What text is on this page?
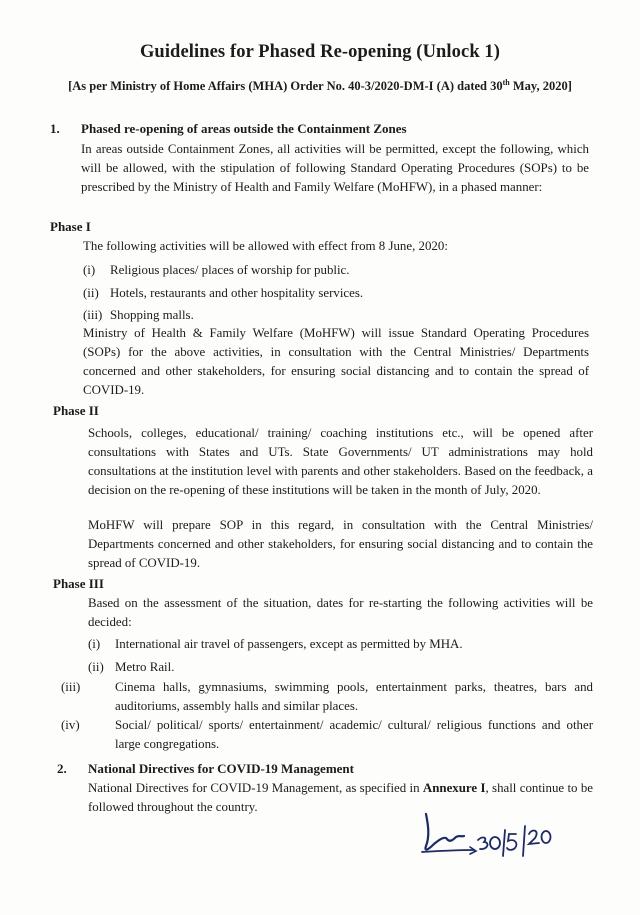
Guidelines for Phased Re-opening (Unlock 1)
[As per Ministry of Home Affairs (MHA) Order No. 40-3/2020-DM-I (A) dated 30th May, 2020]
1. Phased re-opening of areas outside the Containment Zones
In areas outside Containment Zones, all activities will be permitted, except the following, which will be allowed, with the stipulation of following Standard Operating Procedures (SOPs) to be prescribed by the Ministry of Health and Family Welfare (MoHFW), in a phased manner:
Phase I
The following activities will be allowed with effect from 8 June, 2020:
(i) Religious places/ places of worship for public.
(ii) Hotels, restaurants and other hospitality services.
(iii) Shopping malls.
Ministry of Health & Family Welfare (MoHFW) will issue Standard Operating Procedures (SOPs) for the above activities, in consultation with the Central Ministries/ Departments concerned and other stakeholders, for ensuring social distancing and to contain the spread of COVID-19.
Phase II
Schools, colleges, educational/ training/ coaching institutions etc., will be opened after consultations with States and UTs. State Governments/ UT administrations may hold consultations at the institution level with parents and other stakeholders. Based on the feedback, a decision on the re-opening of these institutions will be taken in the month of July, 2020.
MoHFW will prepare SOP in this regard, in consultation with the Central Ministries/ Departments concerned and other stakeholders, for ensuring social distancing and to contain the spread of COVID-19.
Phase III
Based on the assessment of the situation, dates for re-starting the following activities will be decided:
(i) International air travel of passengers, except as permitted by MHA.
(ii) Metro Rail.
(iii)	Cinema halls, gymnasiums, swimming pools, entertainment parks, theatres, bars and auditoriums, assembly halls and similar places.
(iv)	Social/ political/ sports/ entertainment/ academic/ cultural/ religious functions and other large congregations.
2. National Directives for COVID-19 Management
National Directives for COVID-19 Management, as specified in Annexure I, shall continue to be followed throughout the country.
